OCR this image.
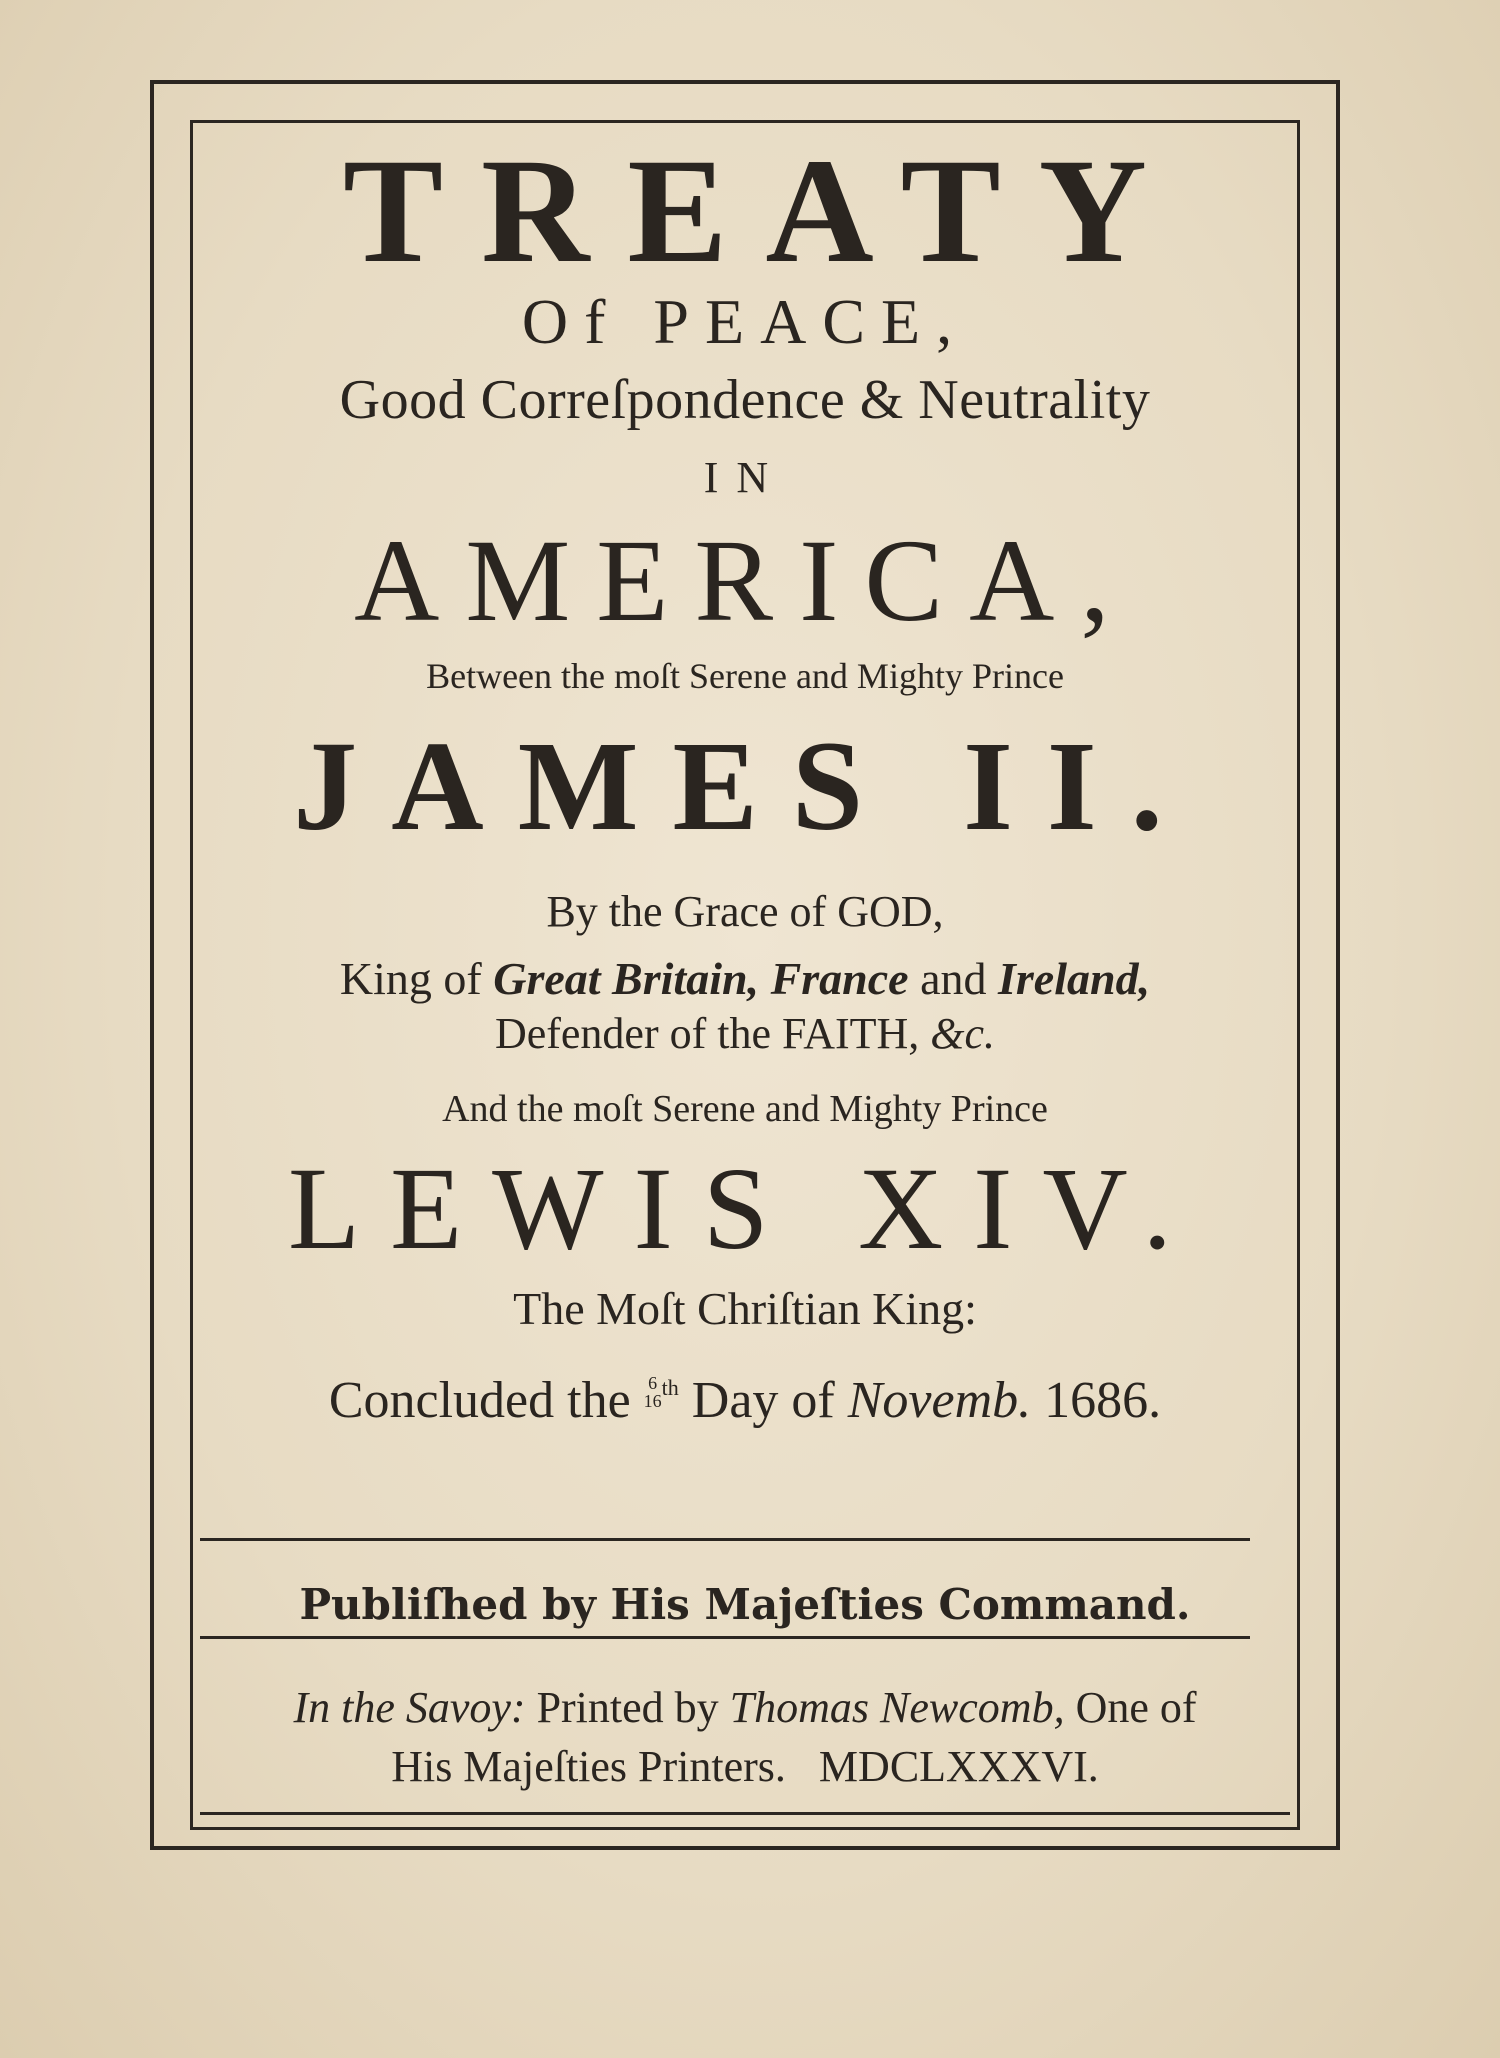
TREATY
Of PEACE,
Good Correſpondence & Neutrality
IN
AMERICA,
Between the moſt Serene and Mighty Prince
JAMES II.
By the Grace of GOD,
King of Great Britain, France and Ireland,
Defender of the FAITH, &c.
And the moſt Serene and Mighty Prince
LEWIS XIV.
The Moſt Chriſtian King:
Concluded the 6
16
$^{th}$ Day of Novemb. 1686.
Publiſhed by His Majeſties Command.
In the Savoy: Printed by Thomas Newcomb, One of
His Majeſties Printers. MDCLXXXVI.
